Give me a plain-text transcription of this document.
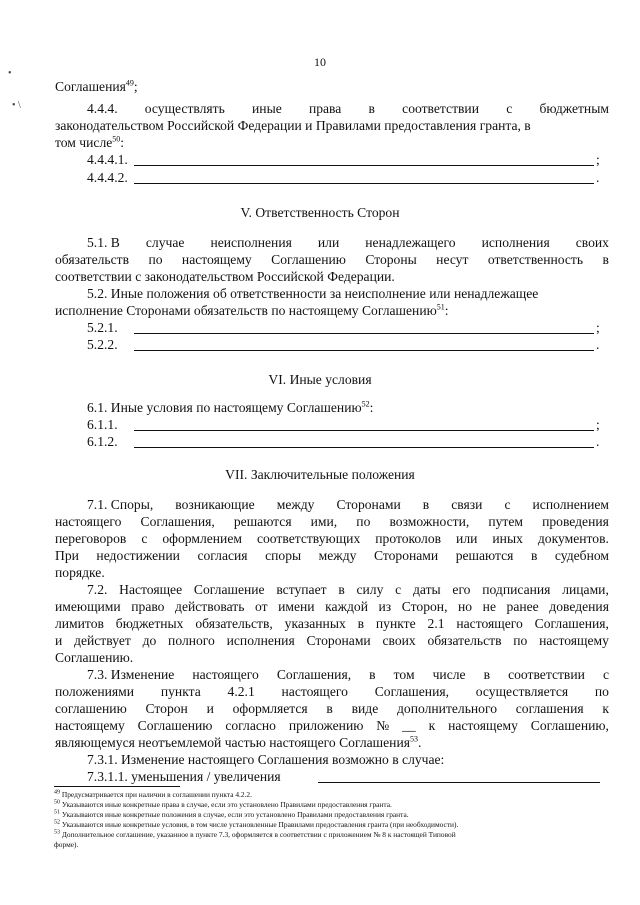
10
•
• \
Соглашения$^{49}$;
4.4.4. осуществлять иные права в соответствии с бюджетным
законодательством Российской Федерации и Правилами предоставления гранта, в
том числе$^{50}$:
4.4.4.1.	;
4.4.4.2.	.
V. Ответственность Сторон
5.1. В случае неисполнения или ненадлежащего исполнения своих
обязательств по настоящему Соглашению Стороны несут ответственность в
соответствии с законодательством Российской Федерации.
5.2. Иные положения об ответственности за неисполнение или ненадлежащее
исполнение Сторонами обязательств по настоящему Соглашению$^{51}$:
5.2.1.	;
5.2.2.	.
VI. Иные условия
6.1. Иные условия по настоящему Соглашению$^{52}$:
6.1.1.	;
6.1.2.	.
VII. Заключительные положения
7.1. Споры, возникающие между Сторонами в связи с исполнением
настоящего Соглашения, решаются ими, по возможности, путем проведения
переговоров с оформлением соответствующих протоколов или иных документов.
При недостижении согласия споры между Сторонами решаются в судебном
порядке.
7.2. Настоящее Соглашение вступает в силу с даты его подписания лицами,
имеющими право действовать от имени каждой из Сторон, но не ранее доведения
лимитов бюджетных обязательств, указанных в пункте 2.1 настоящего Соглашения,
и действует до полного исполнения Сторонами своих обязательств по настоящему
Соглашению.
7.3. Изменение настоящего Соглашения, в том числе в соответствии с
положениями пункта 4.2.1 настоящего Соглашения, осуществляется по
соглашению Сторон и оформляется в виде дополнительного соглашения к
настоящему Соглашению согласно приложению № __ к настоящему Соглашению,
являющемуся неотъемлемой частью настоящего Соглашения$^{53}$.
7.3.1. Изменение настоящего Соглашения возможно в случае:
7.3.1.1. уменьшения / увеличения
$^{49}$ Предусматривается при наличии в соглашении пункта 4.2.2.
$^{50}$ Указываются иные конкретные права в случае, если это установлено Правилами предоставления гранта.
$^{51}$ Указываются иные конкретные положения в случае, если это установлено Правилами предоставления гранта.
$^{52}$ Указываются иные конкретные условия, в том числе установленные Правилами предоставления гранта (при необходимости).
$^{53}$ Дополнительное соглашение, указанное в пункте 7.3, оформляется в соответствии с приложением № 8 к настоящей Типовой
форме).
